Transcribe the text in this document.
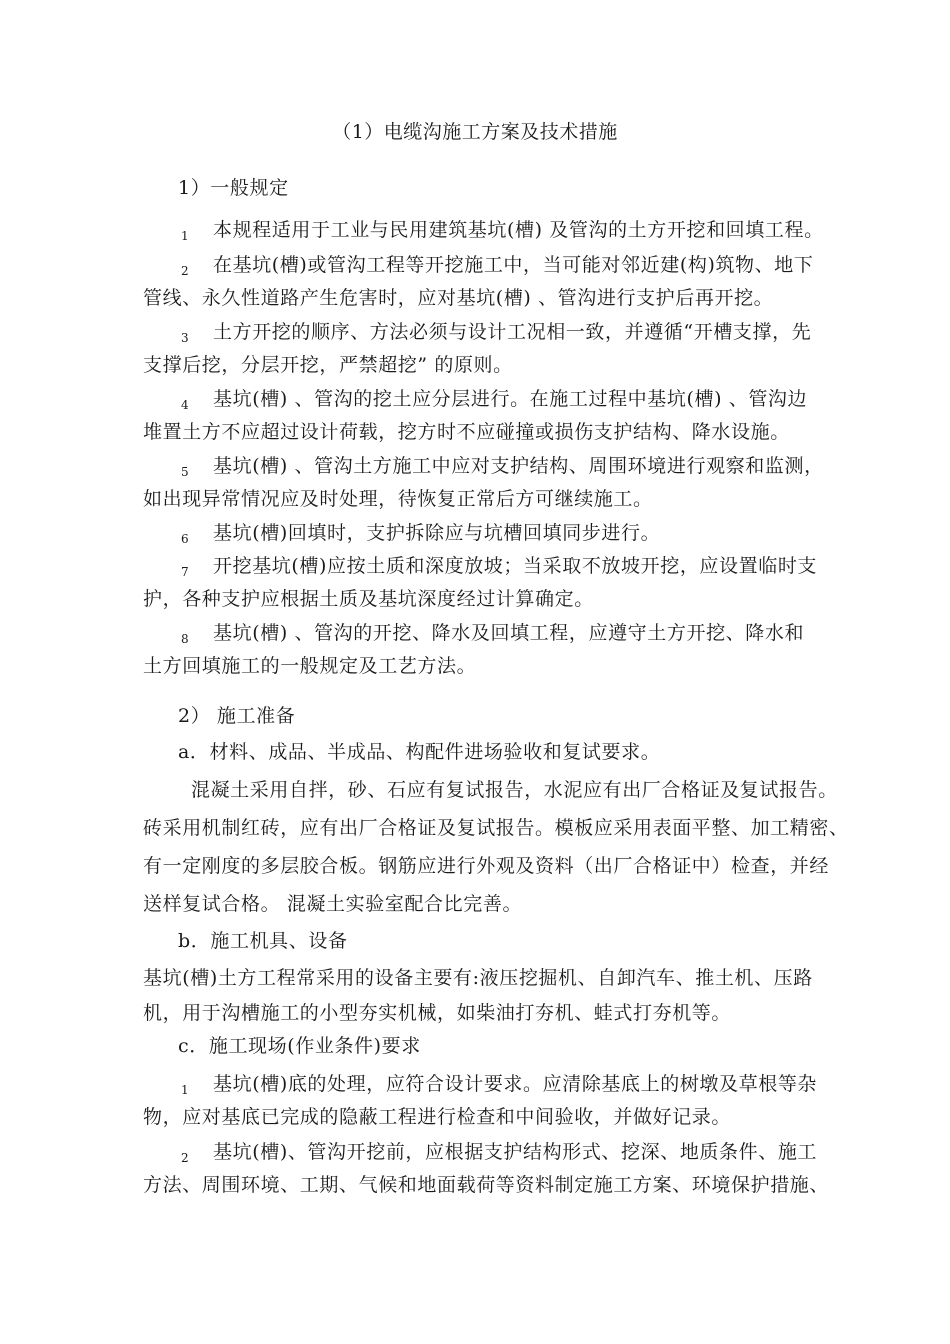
（1）电缆沟施工方案及技术措施
1）一般规定
1 本规程适用于工业与民用建筑基坑(槽) 及管沟的土方开挖和回填工程。
2 在基坑(槽)或管沟工程等开挖施工中，当可能对邻近建(构)筑物、地下
管线、永久性道路产生危害时，应对基坑(槽) 、管沟进行支护后再开挖。
3 土方开挖的顺序、方法必须与设计工况相一致，并遵循“开槽支撑，先
支撑后挖，分层开挖，严禁超挖” 的原则。
4 基坑(槽) 、管沟的挖土应分层进行。在施工过程中基坑(槽) 、管沟边
堆置土方不应超过设计荷载，挖方时不应碰撞或损伤支护结构、降水设施。
5 基坑(槽) 、管沟土方施工中应对支护结构、周围环境进行观察和监测，
如出现异常情况应及时处理，待恢复正常后方可继续施工。
6 基坑(槽)回填时，支护拆除应与坑槽回填同步进行。
7 开挖基坑(槽)应按土质和深度放坡；当采取不放坡开挖，应设置临时支
护，各种支护应根据土质及基坑深度经过计算确定。
8 基坑(槽) 、管沟的开挖、降水及回填工程，应遵守土方开挖、降水和
土方回填施工的一般规定及工艺方法。
2） 施工准备
a．材料、成品、半成品、构配件进场验收和复试要求。
混凝土采用自拌，砂、石应有复试报告，水泥应有出厂合格证及复试报告。
砖采用机制红砖，应有出厂合格证及复试报告。模板应采用表面平整、加工精密、
有一定刚度的多层胶合板。钢筋应进行外观及资料（出厂合格证中）检查，并经
送样复试合格。 混凝土实验室配合比完善。
b．施工机具、设备
基坑(槽)土方工程常采用的设备主要有:液压挖掘机、自卸汽车、推土机、压路
机，用于沟槽施工的小型夯实机械，如柴油打夯机、蛙式打夯机等。
c．施工现场(作业条件)要求
1 基坑(槽)底的处理，应符合设计要求。应清除基底上的树墩及草根等杂
物，应对基底已完成的隐蔽工程进行检查和中间验收，并做好记录。
2 基坑(槽)、管沟开挖前，应根据支护结构形式、挖深、地质条件、施工
方法、周围环境、工期、气候和地面载荷等资料制定施工方案、环境保护措施、
